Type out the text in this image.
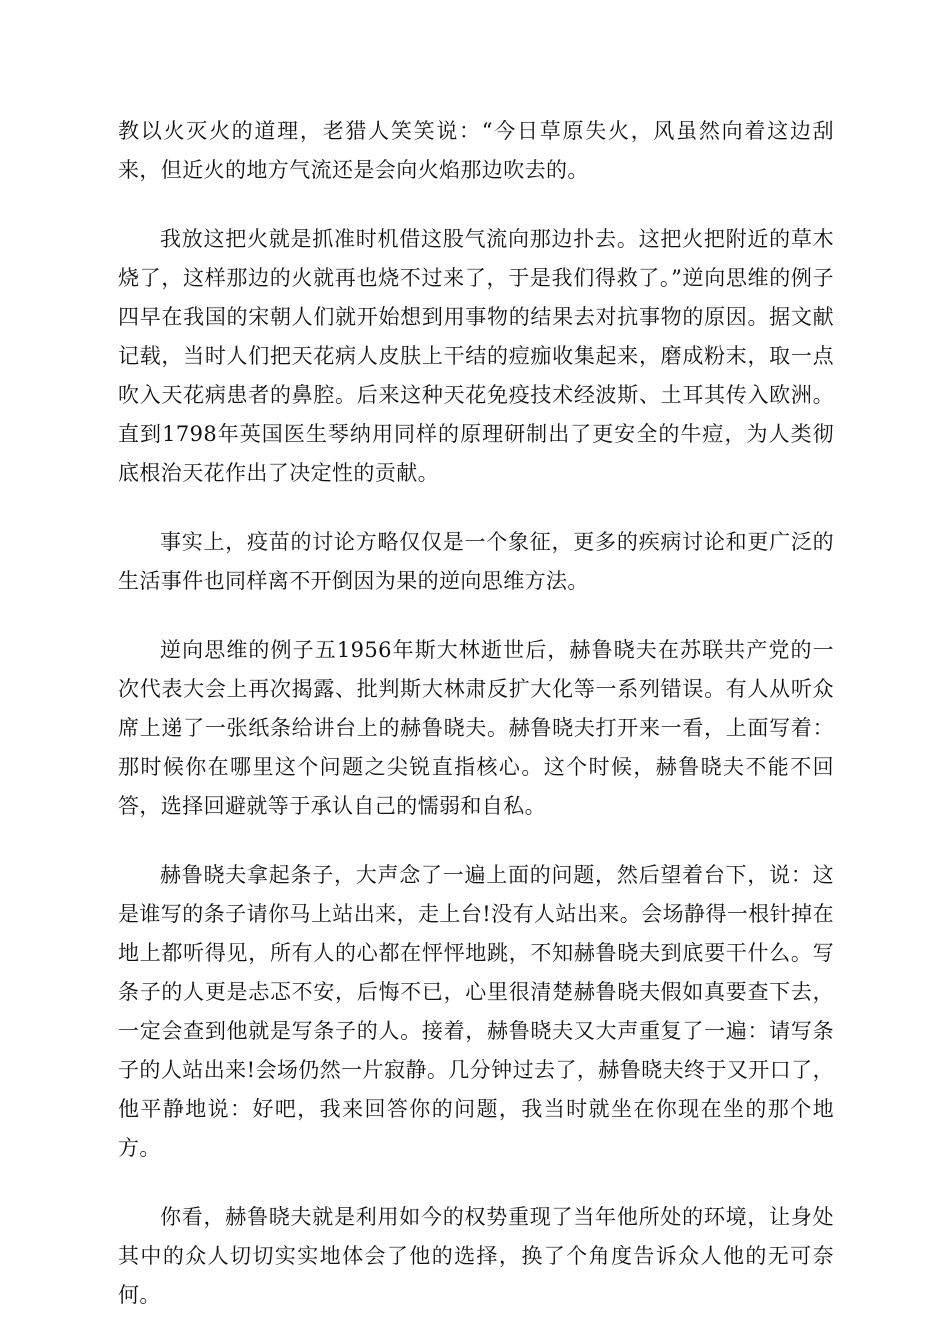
教以火灭火的道理，老猎人笑笑说：“今日草原失火，风虽然向着这边刮来，但近火的地方气流还是会向火焰那边吹去的。

我放这把火就是抓准时机借这股气流向那边扑去。这把火把附近的草木烧了，这样那边的火就再也烧不过来了，于是我们得救了。”逆向思维的例子四早在我国的宋朝人们就开始想到用事物的结果去对抗事物的原因。据文献记载，当时人们把天花病人皮肤上干结的痘痂收集起来，磨成粉末，取一点吹入天花病患者的鼻腔。后来这种天花免疫技术经波斯、土耳其传入欧洲。直到1798年英国医生琴纳用同样的原理研制出了更安全的牛痘，为人类彻底根治天花作出了决定性的贡献。

事实上，疫苗的讨论方略仅仅是一个象征，更多的疾病讨论和更广泛的生活事件也同样离不开倒因为果的逆向思维方法。

逆向思维的例子五1956年斯大林逝世后，赫鲁晓夫在苏联共产党的一次代表大会上再次揭露、批判斯大林肃反扩大化等一系列错误。有人从听众席上递了一张纸条给讲台上的赫鲁晓夫。赫鲁晓夫打开来一看，上面写着：那时候你在哪里这个问题之尖锐直指核心。这个时候，赫鲁晓夫不能不回答，选择回避就等于承认自己的懦弱和自私。

赫鲁晓夫拿起条子，大声念了一遍上面的问题，然后望着台下，说：这是谁写的条子请你马上站出来，走上台!没有人站出来。会场静得一根针掉在地上都听得见，所有人的心都在怦怦地跳，不知赫鲁晓夫到底要干什么。写条子的人更是忐忑不安，后悔不已，心里很清楚赫鲁晓夫假如真要查下去，一定会查到他就是写条子的人。接着，赫鲁晓夫又大声重复了一遍：请写条子的人站出来!会场仍然一片寂静。几分钟过去了，赫鲁晓夫终于又开口了，他平静地说：好吧，我来回答你的问题，我当时就坐在你现在坐的那个地方。

你看，赫鲁晓夫就是利用如今的权势重现了当年他所处的环境，让身处其中的众人切切实实地体会了他的选择，换了个角度告诉众人他的无可奈何。
